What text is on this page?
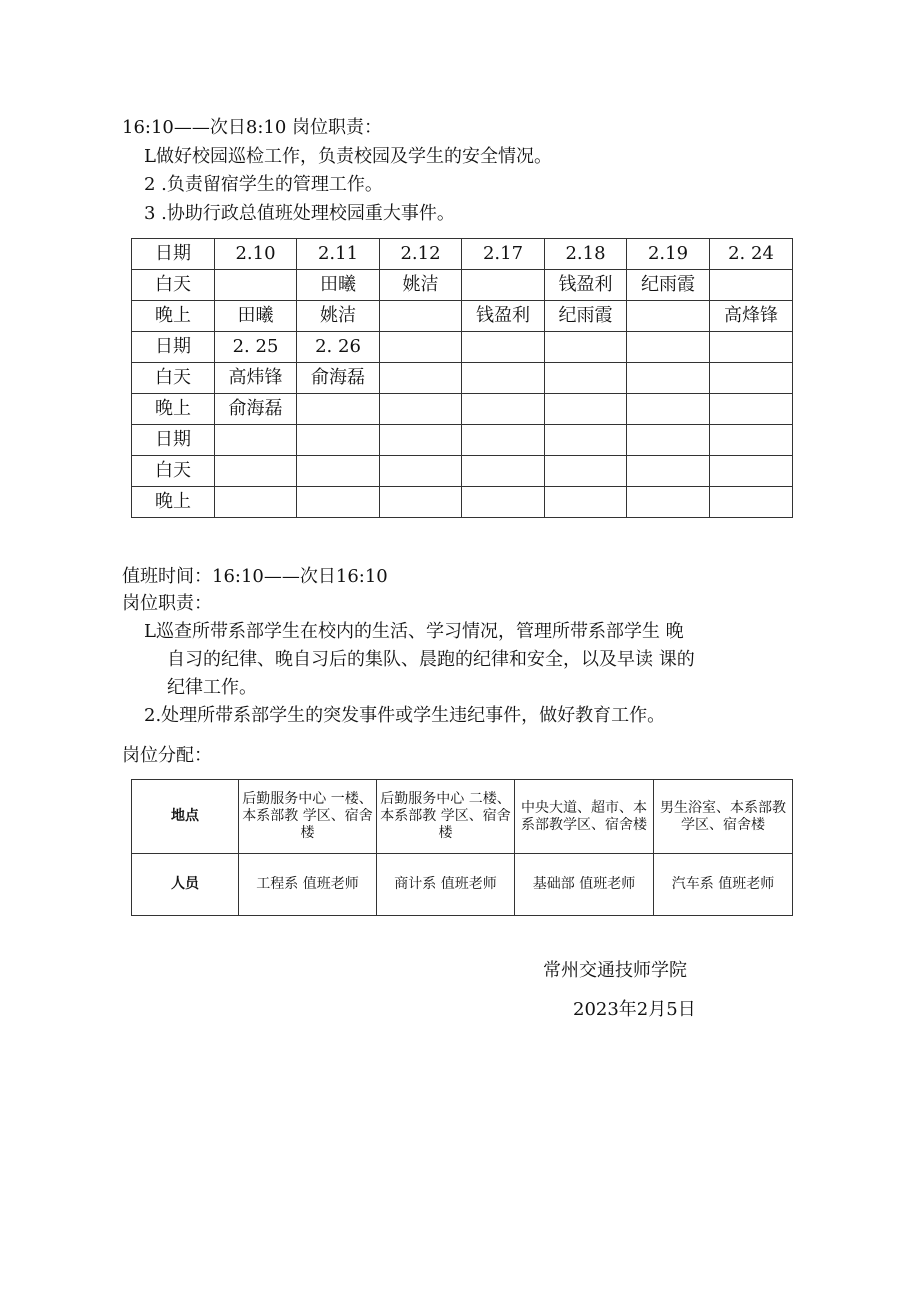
16:10——次日8:10 岗位职责：
L做好校园巡检工作，负责校园及学生的安全情况。
2 .负责留宿学生的管理工作。
3 .协助行政总值班处理校园重大事件。
日期	2.10	2.11	2.12	2.17	2.18	2.19	2. 24
白天		田曦	姚洁		钱盈利	纪雨霞	
晚上	田曦	姚洁		钱盈利	纪雨霞		高烽锋
日期	2. 25	2. 26					
白天	高炜锋	俞海磊					
晚上	俞海磊						
日期							
白天							
晚上							
值班时间：16:10——次日16:10
岗位职责：
L巡查所带系部学生在校内的生活、学习情况，管理所带系部学生 晚
自习的纪律、晚自习后的集队、晨跑的纪律和安全，以及早读 课的
纪律工作。
2.处理所带系部学生的突发事件或学生违纪事件，做好教育工作。
岗位分配：
地点	后勤服务中心 一楼、本系部教 学区、宿舍楼	后勤服务中心 二楼、本系部教 学区、宿舍楼	中央大道、超市、本系部教学区、宿舍楼	男生浴室、本系部教学区、宿舍楼
人员	工程系 值班老师	商计系 值班老师	基础部 值班老师	汽车系 值班老师
常州交通技师学院
2023年2月5日
